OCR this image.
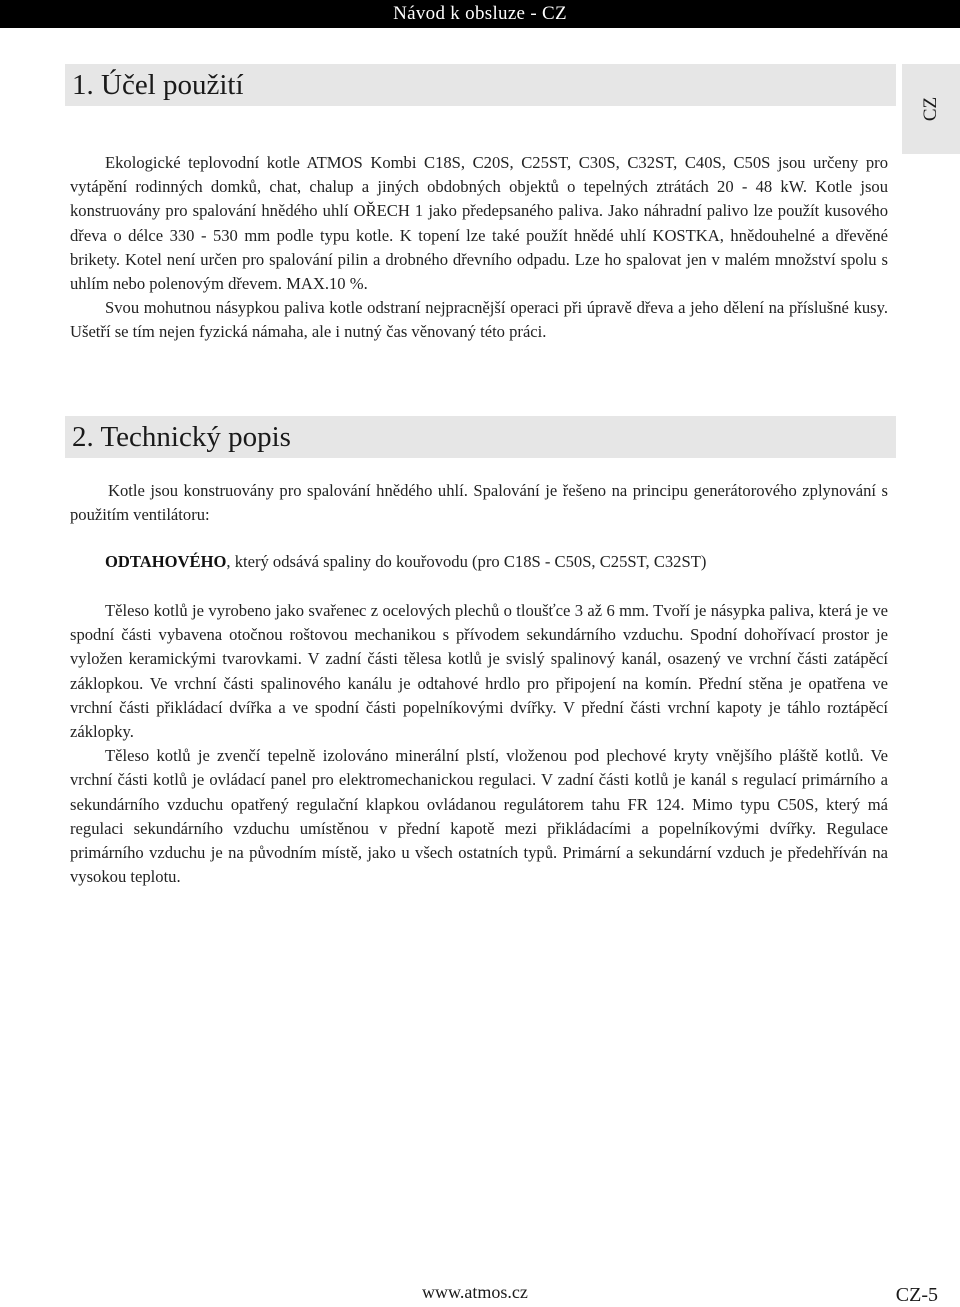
Návod k obsluze - CZ
CZ
1. Účel použití

Ekologické teplovodní kotle ATMOS Kombi C18S, C20S, C25ST, C30S, C32ST, C40S, C50S jsou určeny pro vytápění rodinných domků, chat, chalup a jiných obdobných objektů o tepelných ztrátách 20 - 48 kW. Kotle jsou konstruovány pro spalování hnědého uhlí OŘECH 1 jako předepsaného paliva. Jako náhradní palivo lze použít kusového dřeva o délce 330 - 530 mm podle typu kotle. K topení lze také použít hnědé uhlí KOSTKA, hnědouhelné a dřevěné brikety. Kotel není určen pro spalování pilin a drobného dřevního odpadu. Lze ho spalovat jen v malém množství spolu s uhlím nebo polenovým dřevem. MAX.10 %.

Svou mohutnou násypkou paliva kotle odstraní nejpracnější operaci při úpravě dřeva a jeho dělení na příslušné kusy. Ušetří se tím nejen fyzická námaha, ale i nutný čas věnovaný této práci.

2. Technický popis

Kotle jsou konstruovány pro spalování hnědého uhlí. Spalování je řešeno na principu generátorového zplynování s použitím ventilátoru:

ODTAHOVÉHO, který odsává spaliny do kouřovodu (pro C18S - C50S, C25ST, C32ST)

Těleso kotlů je vyrobeno jako svařenec z ocelových plechů o tloušťce 3 až 6 mm. Tvoří je násypka paliva, která je ve spodní části vybavena otočnou roštovou mechanikou s přívodem sekundárního vzduchu. Spodní dohořívací prostor je vyložen keramickými tvarovkami. V zadní části tělesa kotlů je svislý spalinový kanál, osazený ve vrchní části zatápěcí záklopkou. Ve vrchní části spalinového kanálu je odtahové hrdlo pro připojení na komín. Přední stěna je opatřena ve vrchní části přikládací dvířka a ve spodní části popelníkovými dvířky. V přední části vrchní kapoty je táhlo roztápěcí záklopky.

Těleso kotlů je zvenčí tepelně izolováno minerální plstí, vloženou pod plechové kryty vnějšího pláště kotlů. Ve vrchní části kotlů je ovládací panel pro elektromechanickou regulaci. V zadní části kotlů je kanál s regulací primárního a sekundárního vzduchu opatřený regulační klapkou ovládanou regulátorem tahu FR 124. Mimo typu C50S, který má regulaci sekundárního vzduchu umístěnou v přední kapotě mezi přikládacími a popelníkovými dvířky. Regulace primárního vzduchu je na původním místě, jako u všech ostatních typů. Primární a sekundární vzduch je předehříván na vysokou teplotu.

www.atmos.cz	CZ-5
